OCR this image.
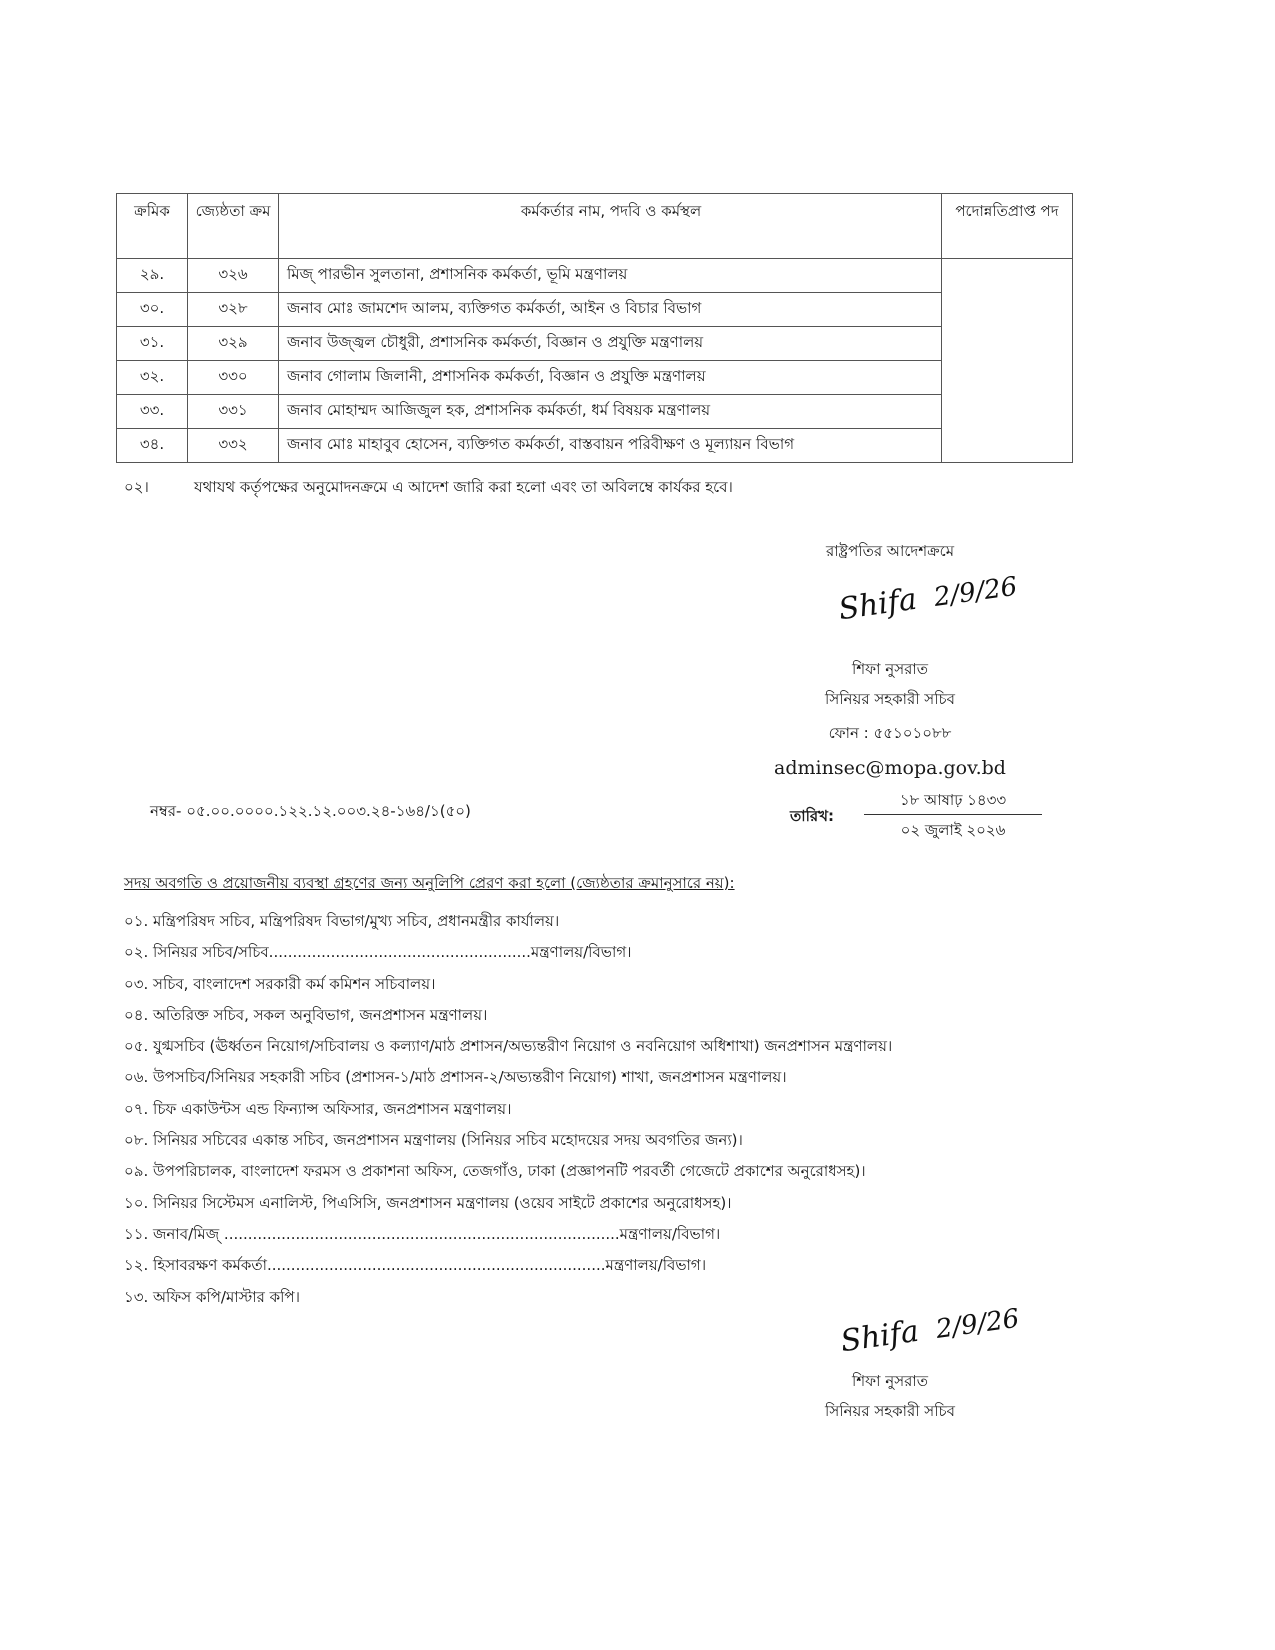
ক্রমিক	জ্যেষ্ঠতা ক্রম	কর্মকর্তার নাম, পদবি ও কর্মস্থল	পদোন্নতিপ্রাপ্ত পদ
২৯.	৩২৬	মিজ্ পারভীন সুলতানা, প্রশাসনিক কর্মকর্তা, ভূমি মন্ত্রণালয়	
৩০.	৩২৮	জনাব মোঃ জামশেদ আলম, ব্যক্তিগত কর্মকর্তা, আইন ও বিচার বিভাগ	
৩১.	৩২৯	জনাব উজ্জ্বল চৌধুরী, প্রশাসনিক কর্মকর্তা, বিজ্ঞান ও প্রযুক্তি মন্ত্রণালয়	
৩২.	৩৩০	জনাব গোলাম জিলানী, প্রশাসনিক কর্মকর্তা, বিজ্ঞান ও প্রযুক্তি মন্ত্রণালয়	
৩৩.	৩৩১	জনাব মোহাম্মদ আজিজুল হক, প্রশাসনিক কর্মকর্তা, ধর্ম বিষয়ক মন্ত্রণালয়	
৩৪.	৩৩২	জনাব মোঃ মাহাবুব হোসেন, ব্যক্তিগত কর্মকর্তা, বাস্তবায়ন পরিবীক্ষণ ও মূল্যায়ন বিভাগ	
০২।	যথাযথ কর্তৃপক্ষের অনুমোদনক্রমে এ আদেশ জারি করা হলো এবং তা অবিলম্বে কার্যকর হবে।
রাষ্ট্রপতির আদেশক্রমে
Shifa 2/9/26
শিফা নুসরাত
সিনিয়র সহকারী সচিব
ফোন : ৫৫১০১০৮৮
adminsec@mopa.gov.bd
নম্বর- ০৫.০০.০০০০.১২২.১২.০০৩.২৪-১৬৪/১(৫০)	তারিখ:
১৮ আষাঢ় ১৪৩৩
০২ জুলাই ২০২৬
সদয় অবগতি ও প্রয়োজনীয় ব্যবস্থা গ্রহণের জন্য অনুলিপি প্রেরণ করা হলো (জ্যেষ্ঠতার ক্রমানুসারে নয়):
০১. মন্ত্রিপরিষদ সচিব, মন্ত্রিপরিষদ বিভাগ/মুখ্য সচিব, প্রধানমন্ত্রীর কার্যালয়।
০২. সিনিয়র সচিব/সচিব.......................................................মন্ত্রণালয়/বিভাগ।
০৩. সচিব, বাংলাদেশ সরকারী কর্ম কমিশন সচিবালয়।
০৪. অতিরিক্ত সচিব, সকল অনুবিভাগ, জনপ্রশাসন মন্ত্রণালয়।
০৫. যুগ্মসচিব (ঊর্ধ্বতন নিয়োগ/সচিবালয় ও কল্যাণ/মাঠ প্রশাসন/অভ্যন্তরীণ নিয়োগ ও নবনিয়োগ অধিশাখা) জনপ্রশাসন মন্ত্রণালয়।
০৬. উপসচিব/সিনিয়র সহকারী সচিব (প্রশাসন-১/মাঠ প্রশাসন-২/অভ্যন্তরীণ নিয়োগ) শাখা, জনপ্রশাসন মন্ত্রণালয়।
০৭. চিফ একাউন্টস এন্ড ফিন্যান্স অফিসার, জনপ্রশাসন মন্ত্রণালয়।
০৮. সিনিয়র সচিবের একান্ত সচিব, জনপ্রশাসন মন্ত্রণালয় (সিনিয়র সচিব মহোদয়ের সদয় অবগতির জন্য)।
০৯. উপপরিচালক, বাংলাদেশ ফরমস ও প্রকাশনা অফিস, তেজগাঁও, ঢাকা (প্রজ্ঞাপনটি পরবর্তী গেজেটে প্রকাশের অনুরোধসহ)।
১০. সিনিয়র সিস্টেমস এনালিস্ট, পিএসিসি, জনপ্রশাসন মন্ত্রণালয় (ওয়েব সাইটে প্রকাশের অনুরোধসহ)।
১১. জনাব/মিজ্ ...................................................................................মন্ত্রণালয়/বিভাগ।
১২. হিসাবরক্ষণ কর্মকর্তা.......................................................................মন্ত্রণালয়/বিভাগ।
১৩. অফিস কপি/মাস্টার কপি।
Shifa 2/9/26
শিফা নুসরাত
সিনিয়র সহকারী সচিব
